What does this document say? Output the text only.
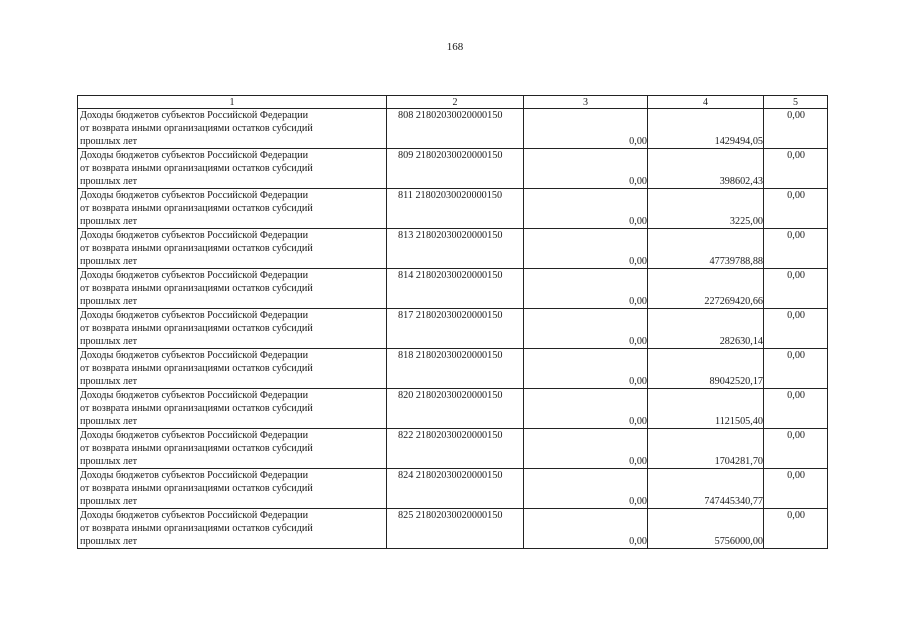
168
1	2	3	4	5
Доходы бюджетов субъектов Российской Федерации
от возврата иными организациями остатков субсидий
прошлых лет	808 21802030020000150	0,00	1429494,05	0,00
Доходы бюджетов субъектов Российской Федерации
от возврата иными организациями остатков субсидий
прошлых лет	809 21802030020000150	0,00	398602,43	0,00
Доходы бюджетов субъектов Российской Федерации
от возврата иными организациями остатков субсидий
прошлых лет	811 21802030020000150	0,00	3225,00	0,00
Доходы бюджетов субъектов Российской Федерации
от возврата иными организациями остатков субсидий
прошлых лет	813 21802030020000150	0,00	47739788,88	0,00
Доходы бюджетов субъектов Российской Федерации
от возврата иными организациями остатков субсидий
прошлых лет	814 21802030020000150	0,00	227269420,66	0,00
Доходы бюджетов субъектов Российской Федерации
от возврата иными организациями остатков субсидий
прошлых лет	817 21802030020000150	0,00	282630,14	0,00
Доходы бюджетов субъектов Российской Федерации
от возврата иными организациями остатков субсидий
прошлых лет	818 21802030020000150	0,00	89042520,17	0,00
Доходы бюджетов субъектов Российской Федерации
от возврата иными организациями остатков субсидий
прошлых лет	820 21802030020000150	0,00	1121505,40	0,00
Доходы бюджетов субъектов Российской Федерации
от возврата иными организациями остатков субсидий
прошлых лет	822 21802030020000150	0,00	1704281,70	0,00
Доходы бюджетов субъектов Российской Федерации
от возврата иными организациями остатков субсидий
прошлых лет	824 21802030020000150	0,00	747445340,77	0,00
Доходы бюджетов субъектов Российской Федерации
от возврата иными организациями остатков субсидий
прошлых лет	825 21802030020000150	0,00	5756000,00	0,00
